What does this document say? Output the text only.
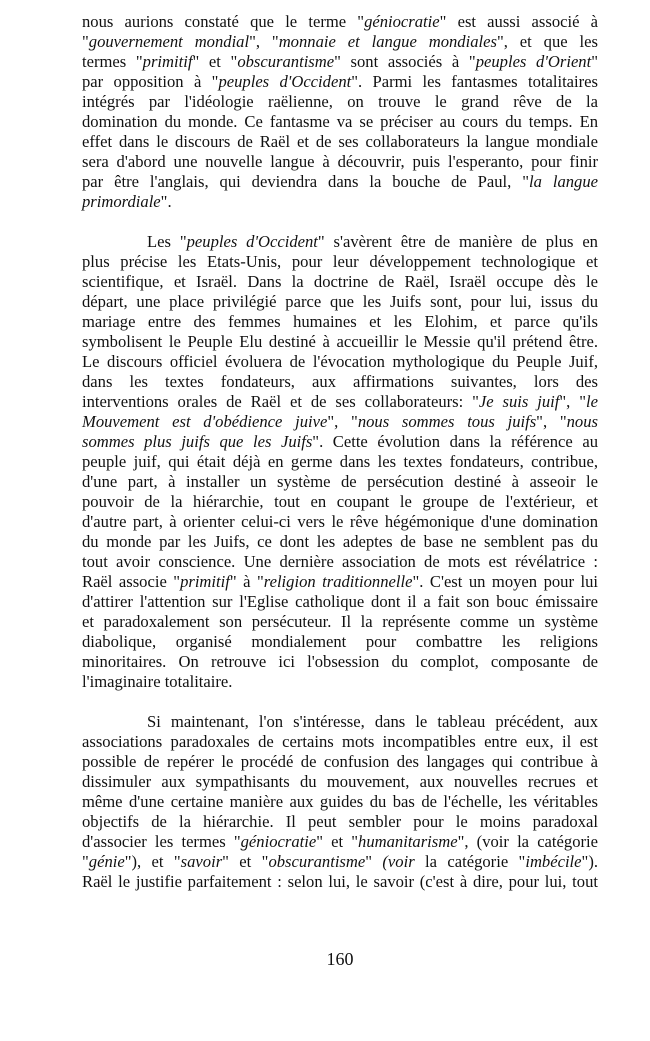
nous aurions constaté que le terme "géniocratie" est aussi associé à
"gouvernement mondial", "monnaie et langue mondiales", et que les
termes "primitif" et "obscurantisme" sont associés à "peuples d'Orient"
par opposition à "peuples d'Occident". Parmi les fantasmes totalitaires
intégrés par l'idéologie raëlienne, on trouve le grand rêve de la
domination du monde. Ce fantasme va se préciser au cours du temps. En
effet dans le discours de Raël et de ses collaborateurs la langue mondiale
sera d'abord une nouvelle langue à découvrir, puis l'esperanto, pour finir
par être l'anglais, qui deviendra dans la bouche de Paul, "la langue
primordiale".
Les "peuples d'Occident" s'avèrent être de manière de plus en
plus précise les Etats-Unis, pour leur développement technologique et
scientifique, et Israël. Dans la doctrine de Raël, Israël occupe dès le
départ, une place privilégié parce que les Juifs sont, pour lui, issus du
mariage entre des femmes humaines et les Elohim, et parce qu'ils
symbolisent le Peuple Elu destiné à accueillir le Messie qu'il prétend être.
Le discours officiel évoluera de l'évocation mythologique du Peuple Juif,
dans les textes fondateurs, aux affirmations suivantes, lors des
interventions orales de Raël et de ses collaborateurs: "Je suis juif", "le
Mouvement est d'obédience juive", "nous sommes tous juifs", "nous
sommes plus juifs que les Juifs". Cette évolution dans la référence au
peuple juif, qui était déjà en germe dans les textes fondateurs, contribue,
d'une part, à installer un système de persécution destiné à asseoir le
pouvoir de la hiérarchie, tout en coupant le groupe de l'extérieur, et
d'autre part, à orienter celui-ci vers le rêve hégémonique d'une domination
du monde par les Juifs, ce dont les adeptes de base ne semblent pas du
tout avoir conscience. Une dernière association de mots est révélatrice :
Raël associe "primitif" à "religion traditionnelle". C'est un moyen pour lui
d'attirer l'attention sur l'Eglise catholique dont il a fait son bouc émissaire
et paradoxalement son persécuteur. Il la représente comme un système
diabolique, organisé mondialement pour combattre les religions
minoritaires. On retrouve ici l'obsession du complot, composante de
l'imaginaire totalitaire.
Si maintenant, l'on s'intéresse, dans le tableau précédent, aux
associations paradoxales de certains mots incompatibles entre eux, il est
possible de repérer le procédé de confusion des langages qui contribue à
dissimuler aux sympathisants du mouvement, aux nouvelles recrues et
même d'une certaine manière aux guides du bas de l'échelle, les véritables
objectifs de la hiérarchie. Il peut sembler pour le moins paradoxal
d'associer les termes "géniocratie" et "humanitarisme", (voir la catégorie
"génie"), et "savoir" et "obscurantisme" (voir la catégorie "imbécile").
Raël le justifie parfaitement : selon lui, le savoir (c'est à dire, pour lui, tout
160
